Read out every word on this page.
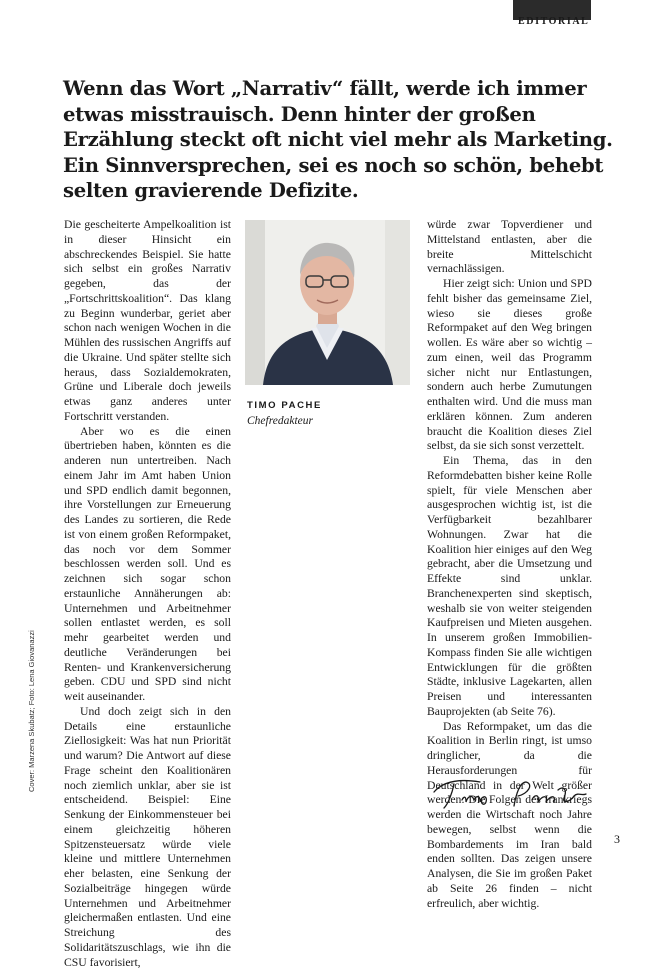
EDITORIAL
Wenn das Wort „Narrativ“ fällt, werde ich immer etwas misstrauisch. Denn hinter der großen Erzählung steckt oft nicht viel mehr als Marketing. Ein Sinnversprechen, sei es noch so schön, behebt selten gravierende Defizite.

Die gescheiterte Ampelkoalition ist in dieser Hinsicht ein abschreckendes Beispiel. Sie hatte sich selbst ein großes Narrativ gegeben, das der „Fortschrittskoalition“. Das klang zu Beginn wunderbar, geriet aber schon nach wenigen Wochen in die Mühlen des russischen Angriffs auf die Ukraine. Und später stellte sich heraus, dass Sozialdemokraten, Grüne und Liberale doch jeweils etwas ganz anderes unter Fortschritt verstanden.

Aber wo es die einen übertrieben haben, könnten es die anderen nun untertreiben. Nach einem Jahr im Amt haben Union und SPD endlich damit begonnen, ihre Vorstellungen zur Erneuerung des Landes zu sortieren, die Rede ist von einem großen Reformpaket, das noch vor dem Sommer beschlossen werden soll. Und es zeichnen sich sogar schon erstaunliche Annäherungen ab: Unternehmen und Arbeitnehmer sollen entlastet werden, es soll mehr gearbeitet werden und deutliche Veränderungen bei Renten- und Krankenversicherung geben. CDU und SPD sind nicht weit auseinander.

Und doch zeigt sich in den Details eine erstaunliche Ziellosigkeit: Was hat nun Priorität und warum? Die Antwort auf diese Frage scheint den Koalitionären noch ziemlich unklar, aber sie ist entscheidend. Beispiel: Eine Senkung der Einkommensteuer bei einem gleichzeitig höheren Spitzensteuersatz würde viele kleine und mittlere Unternehmen eher belasten, eine Senkung der Sozialbeiträge hingegen würde Unternehmen und Arbeitnehmer gleichermaßen entlasten. Und eine Streichung des Solidaritätszuschlags, wie ihn die CSU favorisiert,

TIMO PACHE
Chefredakteur

würde zwar Topverdiener und Mittelstand entlasten, aber die breite Mittelschicht vernachlässigen.

Hier zeigt sich: Union und SPD fehlt bisher das gemeinsame Ziel, wieso sie dieses große Reformpaket auf den Weg bringen wollen. Es wäre aber so wichtig – zum einen, weil das Programm sicher nicht nur Entlastungen, sondern auch herbe Zumutungen enthalten wird. Und die muss man erklären können. Zum anderen braucht die Koalition dieses Ziel selbst, da sie sich sonst verzettelt.

Ein Thema, das in den Reformdebatten bisher keine Rolle spielt, für viele Menschen aber ausgesprochen wichtig ist, ist die Verfügbarkeit bezahlbarer Wohnungen. Zwar hat die Koalition hier einiges auf den Weg gebracht, aber die Umsetzung und Effekte sind unklar. Branchenexperten sind skeptisch, weshalb sie von weiter steigenden Kaufpreisen und Mieten ausgehen. In unserem großen Immobilien-Kompass finden Sie alle wichtigen Entwicklungen für die größten Städte, inklusive Lagekarten, allen Preisen und interessanten Bauprojekten (ab Seite 76).

Das Reformpaket, um das die Koalition in Berlin ringt, ist umso dringlicher, da die Herausforderungen für Deutschland in der Welt größer werden: Die Folgen des Irankriegs werden die Wirtschaft noch Jahre bewegen, selbst wenn die Bombardements im Iran bald enden sollten. Das zeigen unsere Analysen, die Sie im großen Paket ab Seite 26 finden – nicht erfreulich, aber wichtig.

Cover: Marzena Skubatz; Foto: Lena Giovanazzi
3
